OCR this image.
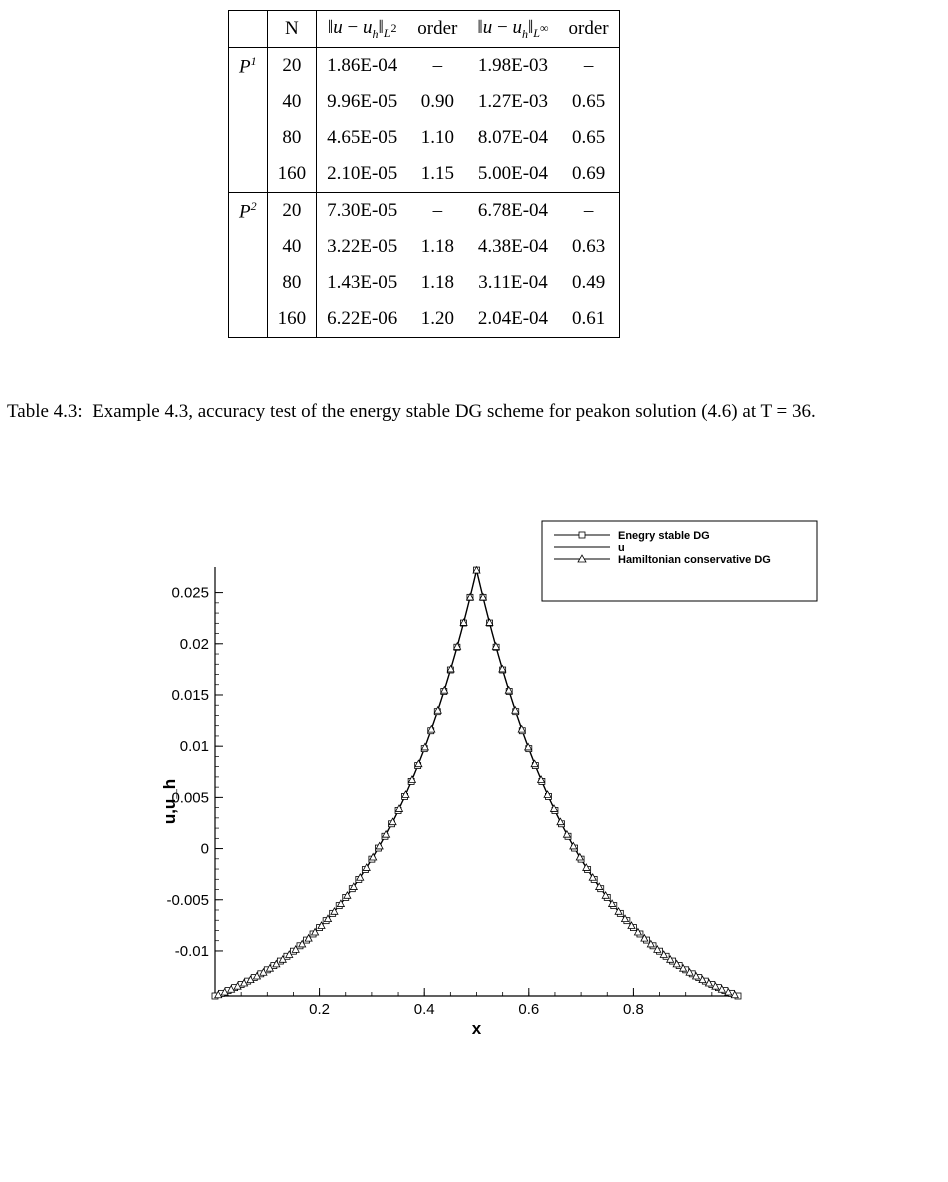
	N	‖u − $u_h‖_{L^2}$	order	‖u − $u_h‖_{L^\infty}$	order
$P^1$	20	1.86E-04	–	1.98E-03	–
	40	9.96E-05	0.90	1.27E-03	0.65
	80	4.65E-05	1.10	8.07E-04	0.65
	160	2.10E-05	1.15	5.00E-04	0.69
$P^2$	20	7.30E-05	–	6.78E-04	–
	40	3.22E-05	1.18	4.38E-04	0.63
	80	1.43E-05	1.18	3.11E-04	0.49
	160	6.22E-06	1.20	2.04E-04	0.61
Table 4.3: Example 4.3, accuracy test of the energy stable DG scheme for peakon solution (4.6) at T = 36.
0.2	0.4	0.6	0.8
-0.01
-0.005
0
0.005
0.01
0.015
0.02
0.025
x
u,u_h
Enegry stable DG
u
Hamiltonian conservative DG
